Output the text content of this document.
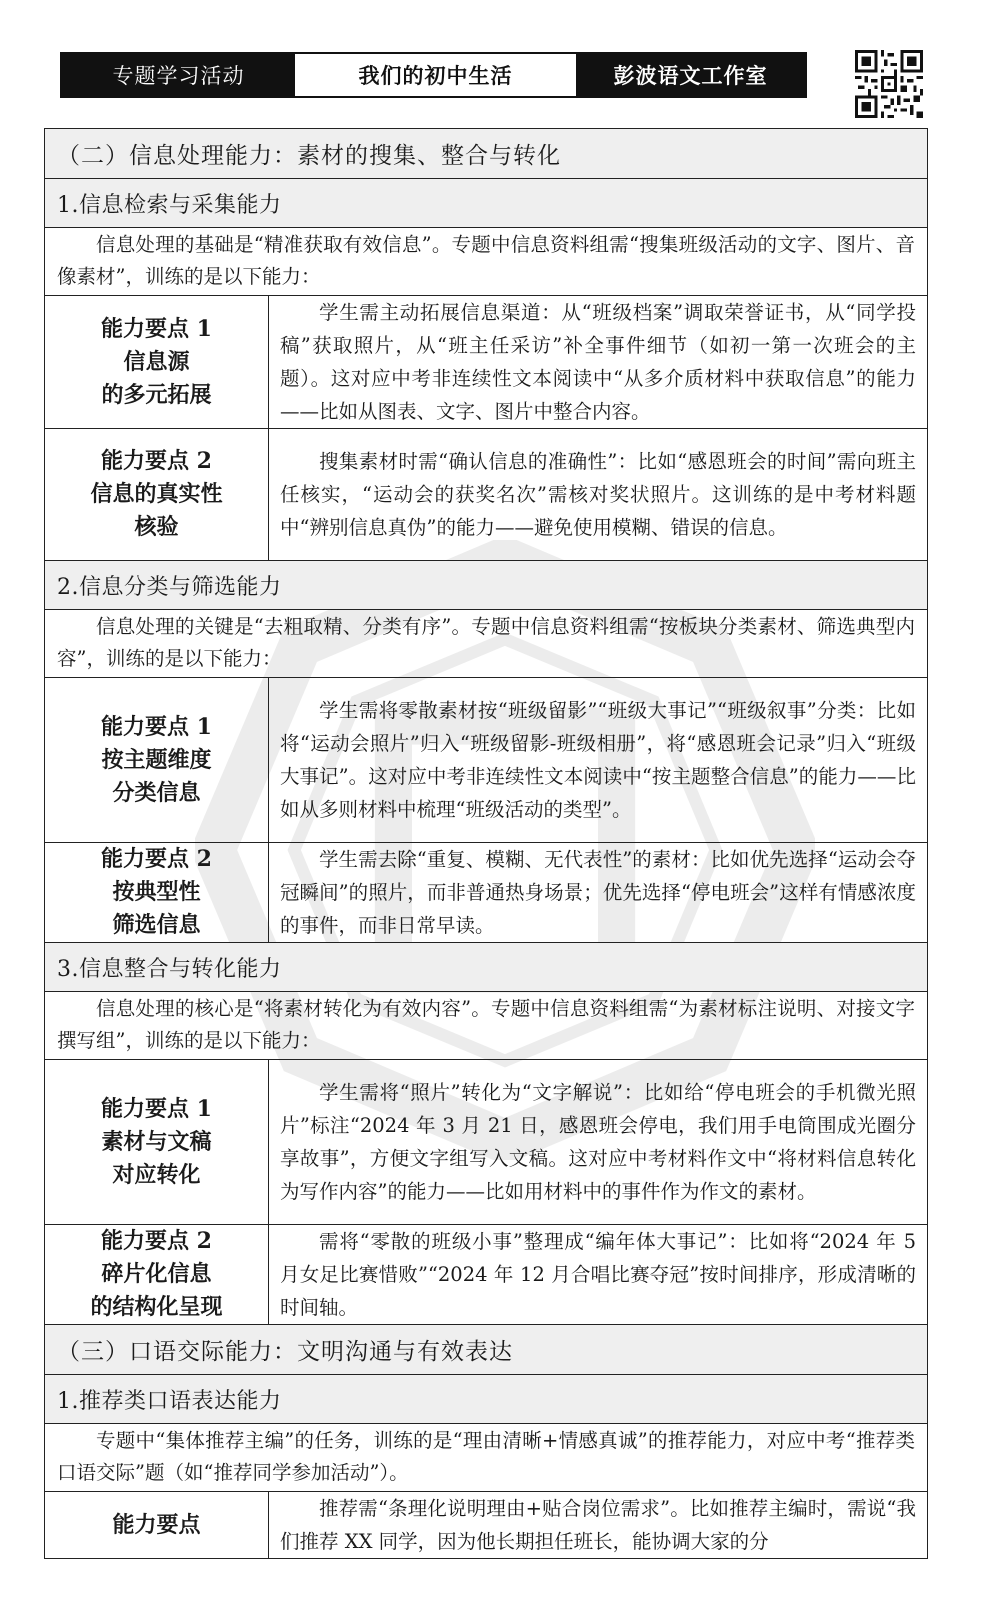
专题学习活动	我们的初中生活	彭波语文工作室
（二）信息处理能力：素材的搜集、整合与转化	
1.信息检索与采集能力	
信息处理的基础是“精准获取有效信息”。专题中信息资料组需“搜集班级活动的文字、图片、音像素材”，训练的是以下能力：	
能力要点 1
信息源
的多元拓展	学生需主动拓展信息渠道：从“班级档案”调取荣誉证书，从“同学投稿”获取照片，从“班主任采访”补全事件细节（如初一第一次班会的主题）。这对应中考非连续性文本阅读中“从多介质材料中获取信息”的能力——比如从图表、文字、图片中整合内容。
能力要点 2
信息的真实性
核验	搜集素材时需“确认信息的准确性”：比如“感恩班会的时间”需向班主任核实，“运动会的获奖名次”需核对奖状照片。这训练的是中考材料题中“辨别信息真伪”的能力——避免使用模糊、错误的信息。
2.信息分类与筛选能力	
信息处理的关键是“去粗取精、分类有序”。专题中信息资料组需“按板块分类素材、筛选典型内容”，训练的是以下能力：	
能力要点 1
按主题维度
分类信息	学生需将零散素材按“班级留影”“班级大事记”“班级叙事”分类：比如将“运动会照片”归入“班级留影-班级相册”，将“感恩班会记录”归入“班级大事记”。这对应中考非连续性文本阅读中“按主题整合信息”的能力——比如从多则材料中梳理“班级活动的类型”。
能力要点 2
按典型性
筛选信息	学生需去除“重复、模糊、无代表性”的素材：比如优先选择“运动会夺冠瞬间”的照片，而非普通热身场景；优先选择“停电班会”这样有情感浓度的事件，而非日常早读。
3.信息整合与转化能力	
信息处理的核心是“将素材转化为有效内容”。专题中信息资料组需“为素材标注说明、对接文字撰写组”，训练的是以下能力：	
能力要点 1
素材与文稿
对应转化	学生需将“照片”转化为“文字解说”：比如给“停电班会的手机微光照片”标注“2024 年 3 月 21 日，感恩班会停电，我们用手电筒围成光圈分享故事”，方便文字组写入文稿。这对应中考材料作文中“将材料信息转化为写作内容”的能力——比如用材料中的事件作为作文的素材。
能力要点 2
碎片化信息
的结构化呈现	需将“零散的班级小事”整理成“编年体大事记”：比如将“2024 年 5 月女足比赛惜败”“2024 年 12 月合唱比赛夺冠”按时间排序，形成清晰的时间轴。
（三）口语交际能力：文明沟通与有效表达	
1.推荐类口语表达能力	
专题中“集体推荐主编”的任务，训练的是“理由清晰+情感真诚”的推荐能力，对应中考“推荐类口语交际”题（如“推荐同学参加活动”）。	
能力要点	推荐需“条理化说明理由+贴合岗位需求”。比如推荐主编时，需说“我们推荐 XX 同学，因为他长期担任班长，能协调大家的分
